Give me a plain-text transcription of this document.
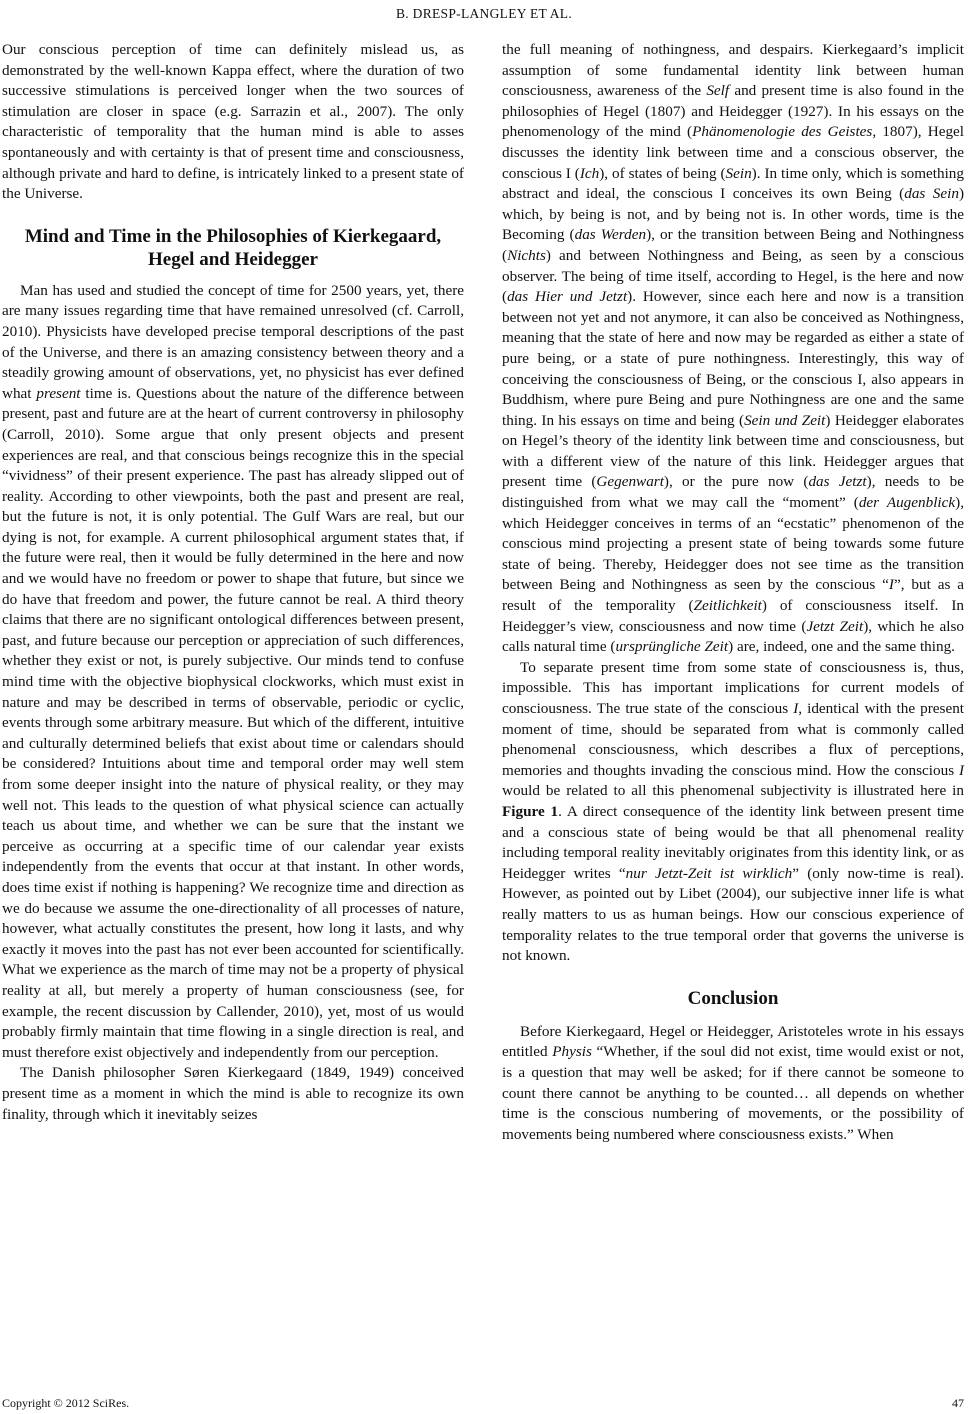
B. DRESP-LANGLEY ET AL.

Our conscious perception of time can definitely mislead us, as demonstrated by the well-known Kappa effect, where the duration of two successive stimulations is perceived longer when the two sources of stimulation are closer in space (e.g. Sarrazin et al., 2007). The only characteristic of temporality that the human mind is able to asses spontaneously and with certainty is that of present time and consciousness, although private and hard to define, is intricately linked to a present state of the Universe.

Mind and Time in the Philosophies of Kierkegaard, Hegel and Heidegger

Man has used and studied the concept of time for 2500 years, yet, there are many issues regarding time that have remained unresolved (cf. Carroll, 2010). Physicists have developed precise temporal descriptions of the past of the Universe, and there is an amazing consistency between theory and a steadily growing amount of observations, yet, no physicist has ever defined what present time is. Questions about the nature of the difference between present, past and future are at the heart of current controversy in philosophy (Carroll, 2010). Some argue that only present objects and present experiences are real, and that conscious beings recognize this in the special “vividness” of their present experience. The past has already slipped out of reality. According to other viewpoints, both the past and present are real, but the future is not, it is only potential. The Gulf Wars are real, but our dying is not, for example. A current philosophical argument states that, if the future were real, then it would be fully determined in the here and now and we would have no freedom or power to shape that future, but since we do have that freedom and power, the future cannot be real. A third theory claims that there are no significant ontological differences between present, past, and future because our perception or appreciation of such differences, whether they exist or not, is purely subjective. Our minds tend to confuse mind time with the objective biophysical clockworks, which must exist in nature and may be described in terms of observable, periodic or cyclic, events through some arbitrary measure. But which of the different, intuitive and culturally determined beliefs that exist about time or calendars should be considered? Intuitions about time and temporal order may well stem from some deeper insight into the nature of physical reality, or they may well not. This leads to the question of what physical science can actually teach us about time, and whether we can be sure that the instant we perceive as occurring at a specific time of our calendar year exists independently from the events that occur at that instant. In other words, does time exist if nothing is happening? We recognize time and direction as we do because we assume the one-directionality of all processes of nature, however, what actually constitutes the present, how long it lasts, and why exactly it moves into the past has not ever been accounted for scientifically. What we experience as the march of time may not be a property of physical reality at all, but merely a property of human consciousness (see, for example, the recent discussion by Callender, 2010), yet, most of us would probably firmly maintain that time flowing in a single direction is real, and must therefore exist objectively and independently from our perception.

The Danish philosopher Søren Kierkegaard (1849, 1949) conceived present time as a moment in which the mind is able to recognize its own finality, through which it inevitably seizes

the full meaning of nothingness, and despairs. Kierkegaard’s implicit assumption of some fundamental identity link between human consciousness, awareness of the Self and present time is also found in the philosophies of Hegel (1807) and Heidegger (1927). In his essays on the phenomenology of the mind (Phänomenologie des Geistes, 1807), Hegel discusses the identity link between time and a conscious observer, the conscious I (Ich), of states of being (Sein). In time only, which is something abstract and ideal, the conscious I conceives its own Being (das Sein) which, by being is not, and by being not is. In other words, time is the Becoming (das Werden), or the transition between Being and Nothingness (Nichts) and between Nothingness and Being, as seen by a conscious observer. The being of time itself, according to Hegel, is the here and now (das Hier und Jetzt). However, since each here and now is a transition between not yet and not anymore, it can also be conceived as Nothingness, meaning that the state of here and now may be regarded as either a state of pure being, or a state of pure nothingness. Interestingly, this way of conceiving the consciousness of Being, or the conscious I, also appears in Buddhism, where pure Being and pure Nothingness are one and the same thing. In his essays on time and being (Sein und Zeit) Heidegger elaborates on Hegel’s theory of the identity link between time and consciousness, but with a different view of the nature of this link. Heidegger argues that present time (Gegenwart), or the pure now (das Jetzt), needs to be distinguished from what we may call the “moment” (der Augenblick), which Heidegger conceives in terms of an “ecstatic” phenomenon of the conscious mind projecting a present state of being towards some future state of being. Thereby, Heidegger does not see time as the transition between Being and Nothingness as seen by the conscious “I”, but as a result of the temporality (Zeitlichkeit) of consciousness itself. In Heidegger’s view, consciousness and now time (Jetzt Zeit), which he also calls natural time (ursprüngliche Zeit) are, indeed, one and the same thing.

To separate present time from some state of consciousness is, thus, impossible. This has important implications for current models of consciousness. The true state of the conscious I, identical with the present moment of time, should be separated from what is commonly called phenomenal consciousness, which describes a flux of perceptions, memories and thoughts invading the conscious mind. How the conscious I would be related to all this phenomenal subjectivity is illustrated here in Figure 1. A direct consequence of the identity link between present time and a conscious state of being would be that all phenomenal reality including temporal reality inevitably originates from this identity link, or as Heidegger writes “nur Jetzt-Zeit ist wirklich” (only now-time is real). However, as pointed out by Libet (2004), our subjective inner life is what really matters to us as human beings. How our conscious experience of temporality relates to the true temporal order that governs the universe is not known.

Conclusion

Before Kierkegaard, Hegel or Heidegger, Aristoteles wrote in his essays entitled Physis “Whether, if the soul did not exist, time would exist or not, is a question that may well be asked; for if there cannot be someone to count there cannot be anything to be counted… all depends on whether time is the conscious numbering of movements, or the possibility of movements being numbered where consciousness exists.” When

Copyright © 2012 SciRes.	47
